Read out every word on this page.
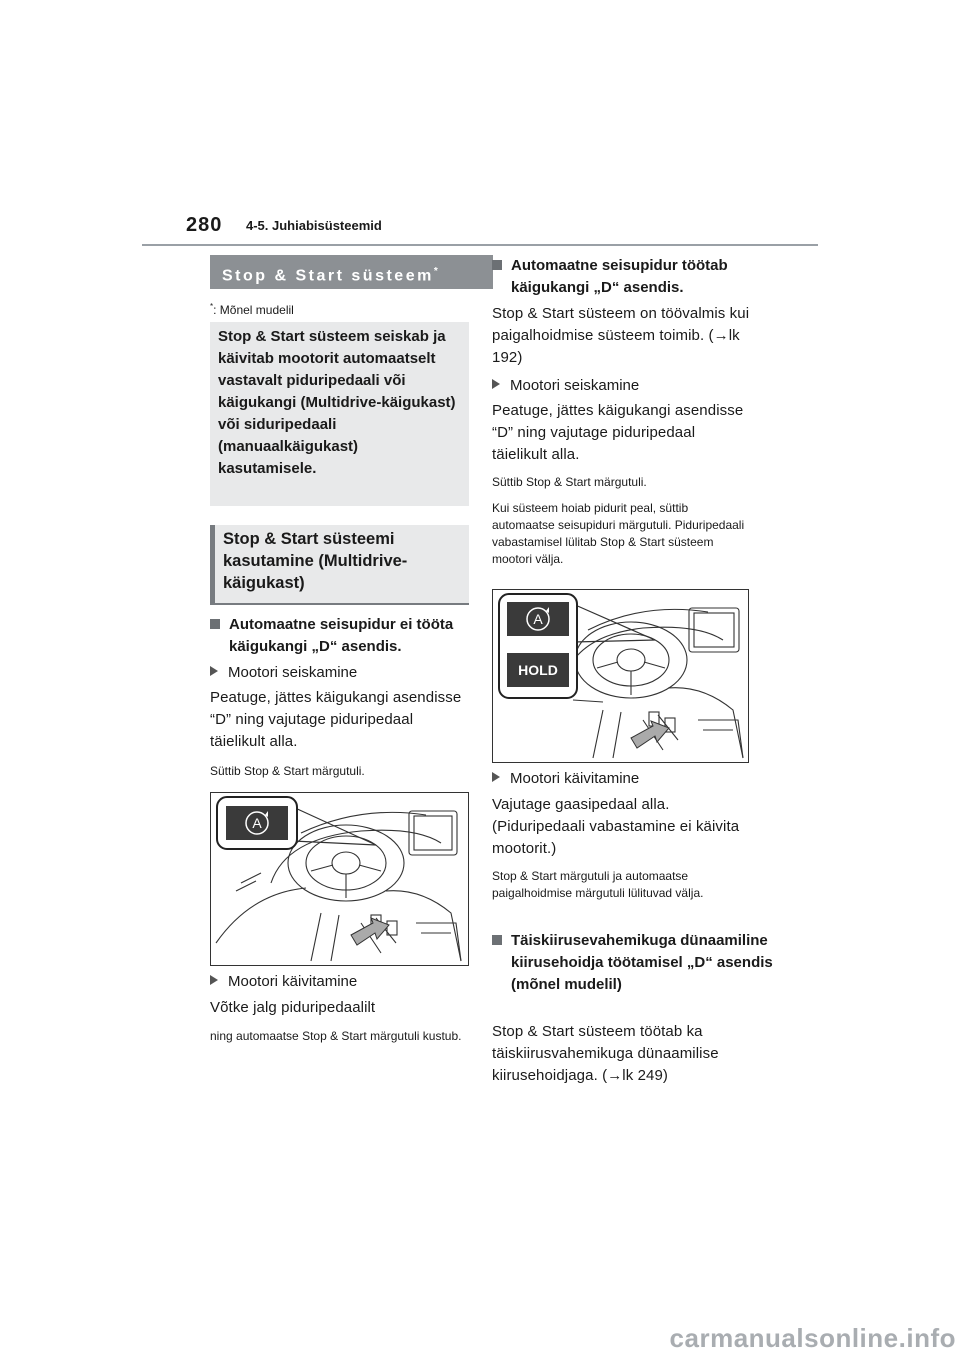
280 4-5. Juhiabisüsteemid
Stop & Start süsteem*
*: Mõnel mudelil
Stop & Start süsteem seiskab ja käivitab mootorit automaatselt vastavalt piduripedaali või käigukangi (Multidrive-käigukast) või siduripedaali (manuaalkäigukast) kasutamisele.
Stop & Start süsteemi kasutamine (Multidrive-käigukast)
Automaatne seisupidur ei tööta käigukangi „D“ asendis.
Mootori seiskamine
Peatuge, jättes käigukangi asendisse “D” ning vajutage piduripedaal täielikult alla.
Süttib Stop & Start märgutuli.
A
Mootori käivitamine
Võtke jalg piduripedaalilt
ning automaatse Stop & Start märgutuli kustub.
Automaatne seisupidur töötab käigukangi „D“ asendis.
Stop & Start süsteem on töövalmis kui paigalhoidmise süsteem toimib. (→lk 192)
Mootori seiskamine
Peatuge, jättes käigukangi asendisse “D” ning vajutage piduripedaal täielikult alla.
Süttib Stop & Start märgutuli.
Kui süsteem hoiab pidurit peal, süttib automaatse seisupiduri märgutuli. Piduripedaali vabastamisel lülitab Stop & Start süsteem mootori välja.
A
HOLD
Mootori käivitamine
Vajutage gaasipedaal alla. (Piduripedaali vabastamine ei käivita mootorit.)
Stop & Start märgutuli ja automaatse paigalhoidmise märgutuli lülituvad välja.
Täiskiirusevahemikuga dünaamiline kiirusehoidja töötamisel „D“ asendis (mõnel mudelil)
Stop & Start süsteem töötab ka täiskiirusvahemikuga dünaamilise kiirusehoidjaga. (→lk 249)
carmanualsonline.info
